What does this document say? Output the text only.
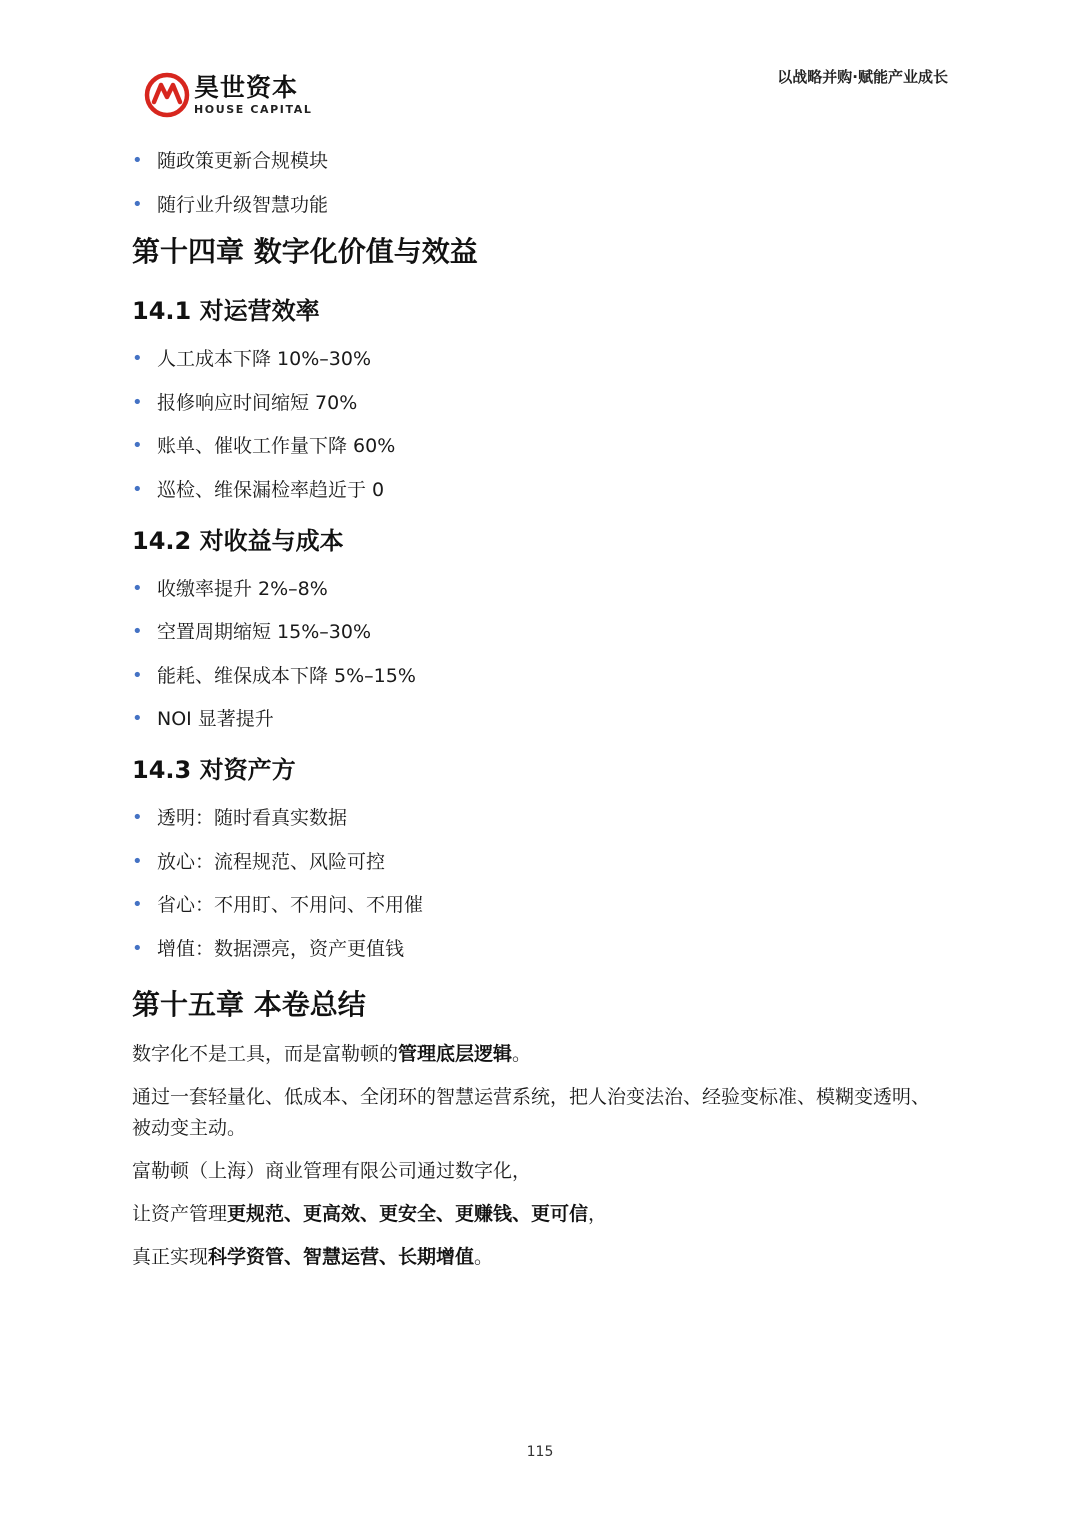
昊世资本
HOUSE CAPITAL
以战略并购·赋能产业成长
• 随政策更新合规模块
• 随行业升级智慧功能
第十四章 数字化价值与效益
14.1 对运营效率
• 人工成本下降 10%–30%
• 报修响应时间缩短 70%
• 账单、催收工作量下降 60%
• 巡检、维保漏检率趋近于 0
14.2 对收益与成本
• 收缴率提升 2%–8%
• 空置周期缩短 15%–30%
• 能耗、维保成本下降 5%–15%
• NOI 显著提升
14.3 对资产方
• 透明：随时看真实数据
• 放心：流程规范、风险可控
• 省心：不用盯、不用问、不用催
• 增值：数据漂亮，资产更值钱
第十五章 本卷总结

数字化不是工具，而是富勒顿的管理底层逻辑。

通过一套轻量化、低成本、全闭环的智慧运营系统，把人治变法治、经验变标准、模糊变透明、被动变主动。

富勒顿（上海）商业管理有限公司通过数字化，

让资产管理更规范、更高效、更安全、更赚钱、更可信，

真正实现科学资管、智慧运营、长期增值。

115
